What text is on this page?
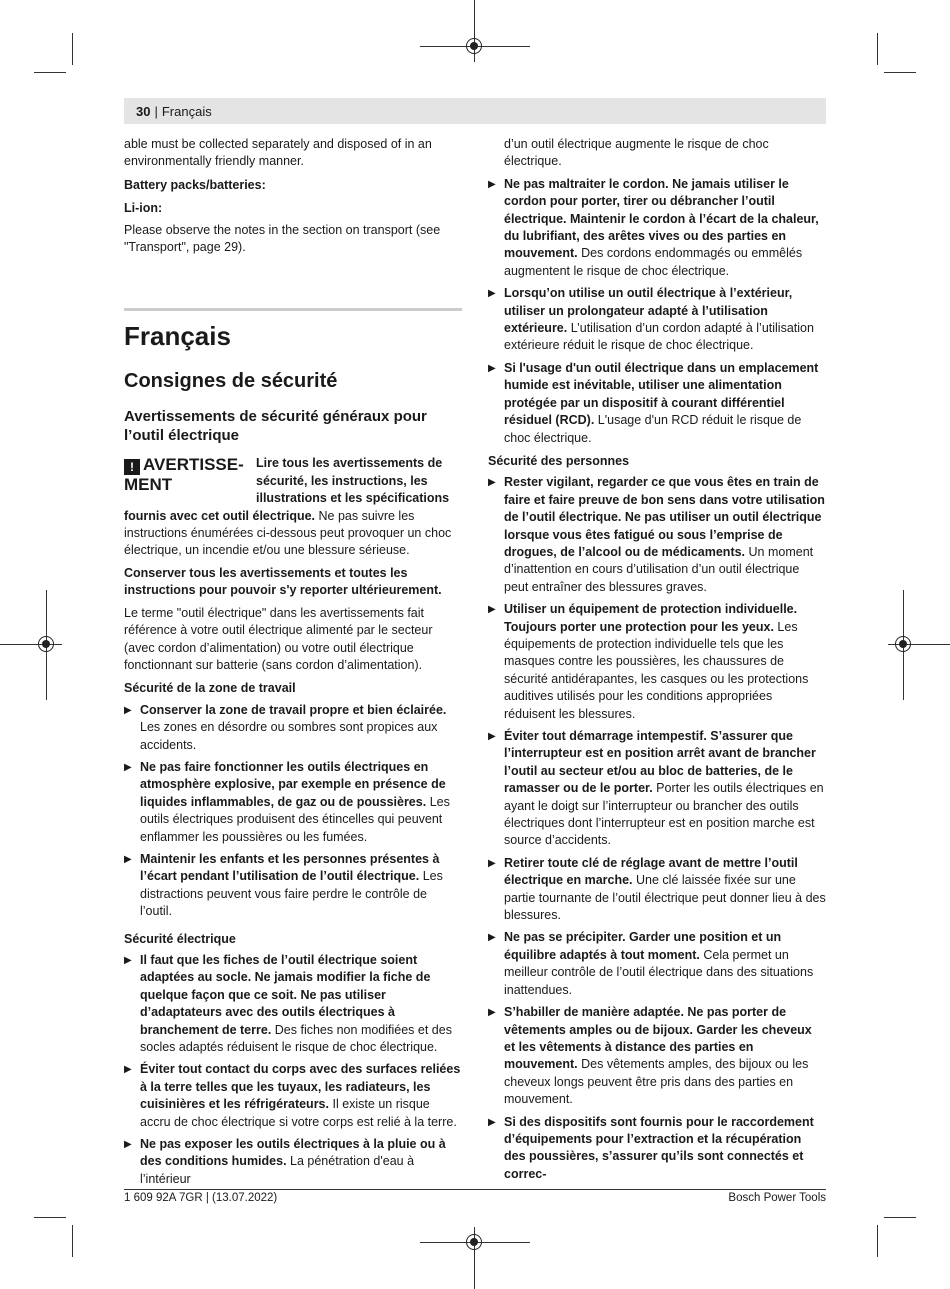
30 | Français

able must be collected separately and disposed of in an environmentally friendly manner.

Battery packs/batteries:
Li-ion:

Please observe the notes in the section on transport (see "Transport", page 29).

Français
Consignes de sécurité
Avertissements de sécurité généraux pour l’outil électrique
! AVERTISSE-MENT
Lire tous les avertissements de sécurité, les instructions, les illustrations et les spécifications fournis avec cet outil électrique. Ne pas suivre les instructions énumérées ci-dessous peut provoquer un choc électrique, un incendie et/ou une blessure sérieuse.

Conserver tous les avertissements et toutes les instructions pour pouvoir s'y reporter ultérieurement.

Le terme "outil électrique" dans les avertissements fait référence à votre outil électrique alimenté par le secteur (avec cordon d’alimentation) ou votre outil électrique fonctionnant sur batterie (sans cordon d’alimentation).

Sécurité de la zone de travail
▶ Conserver la zone de travail propre et bien éclairée. Les zones en désordre ou sombres sont propices aux accidents.
▶ Ne pas faire fonctionner les outils électriques en atmosphère explosive, par exemple en présence de liquides inflammables, de gaz ou de poussières. Les outils électriques produisent des étincelles qui peuvent enflammer les poussières ou les fumées.
▶ Maintenir les enfants et les personnes présentes à l’écart pendant l’utilisation de l’outil électrique. Les distractions peuvent vous faire perdre le contrôle de l’outil.
Sécurité électrique
▶ Il faut que les fiches de l’outil électrique soient adaptées au socle. Ne jamais modifier la fiche de quelque façon que ce soit. Ne pas utiliser d’adaptateurs avec des outils électriques à branchement de terre. Des fiches non modifiées et des socles adaptés réduisent le risque de choc électrique.
▶ Éviter tout contact du corps avec des surfaces reliées à la terre telles que les tuyaux, les radiateurs, les cuisinières et les réfrigérateurs. Il existe un risque accru de choc électrique si votre corps est relié à la terre.
▶ Ne pas exposer les outils électriques à la pluie ou à des conditions humides. La pénétration d'eau à l’intérieur

d’un outil électrique augmente le risque de choc électrique.

▶ Ne pas maltraiter le cordon. Ne jamais utiliser le cordon pour porter, tirer ou débrancher l’outil électrique. Maintenir le cordon à l’écart de la chaleur, du lubrifiant, des arêtes vives ou des parties en mouvement. Des cordons endommagés ou emmêlés augmentent le risque de choc électrique.
▶ Lorsqu’on utilise un outil électrique à l’extérieur, utiliser un prolongateur adapté à l’utilisation extérieure. L’utilisation d’un cordon adapté à l’utilisation extérieure réduit le risque de choc électrique.
▶ Si l'usage d'un outil électrique dans un emplacement humide est inévitable, utiliser une alimentation protégée par un dispositif à courant différentiel résiduel (RCD). L'usage d'un RCD réduit le risque de choc électrique.
Sécurité des personnes
▶ Rester vigilant, regarder ce que vous êtes en train de faire et faire preuve de bon sens dans votre utilisation de l’outil électrique. Ne pas utiliser un outil électrique lorsque vous êtes fatigué ou sous l’emprise de drogues, de l’alcool ou de médicaments. Un moment d’inattention en cours d’utilisation d’un outil électrique peut entraîner des blessures graves.
▶ Utiliser un équipement de protection individuelle. Toujours porter une protection pour les yeux. Les équipements de protection individuelle tels que les masques contre les poussières, les chaussures de sécurité antidérapantes, les casques ou les protections auditives utilisés pour les conditions appropriées réduisent les blessures.
▶ Éviter tout démarrage intempestif. S’assurer que l’interrupteur est en position arrêt avant de brancher l’outil au secteur et/ou au bloc de batteries, de le ramasser ou de le porter. Porter les outils électriques en ayant le doigt sur l’interrupteur ou brancher des outils électriques dont l’interrupteur est en position marche est source d’accidents.
▶ Retirer toute clé de réglage avant de mettre l’outil électrique en marche. Une clé laissée fixée sur une partie tournante de l’outil électrique peut donner lieu à des blessures.
▶ Ne pas se précipiter. Garder une position et un équilibre adaptés à tout moment. Cela permet un meilleur contrôle de l’outil électrique dans des situations inattendues.
▶ S’habiller de manière adaptée. Ne pas porter de vêtements amples ou de bijoux. Garder les cheveux et les vêtements à distance des parties en mouvement. Des vêtements amples, des bijoux ou les cheveux longs peuvent être pris dans des parties en mouvement.
▶ Si des dispositifs sont fournis pour le raccordement d’équipements pour l’extraction et la récupération des poussières, s’assurer qu’ils sont connectés et correc-
1 609 92A 7GR | (13.07.2022)	Bosch Power Tools
